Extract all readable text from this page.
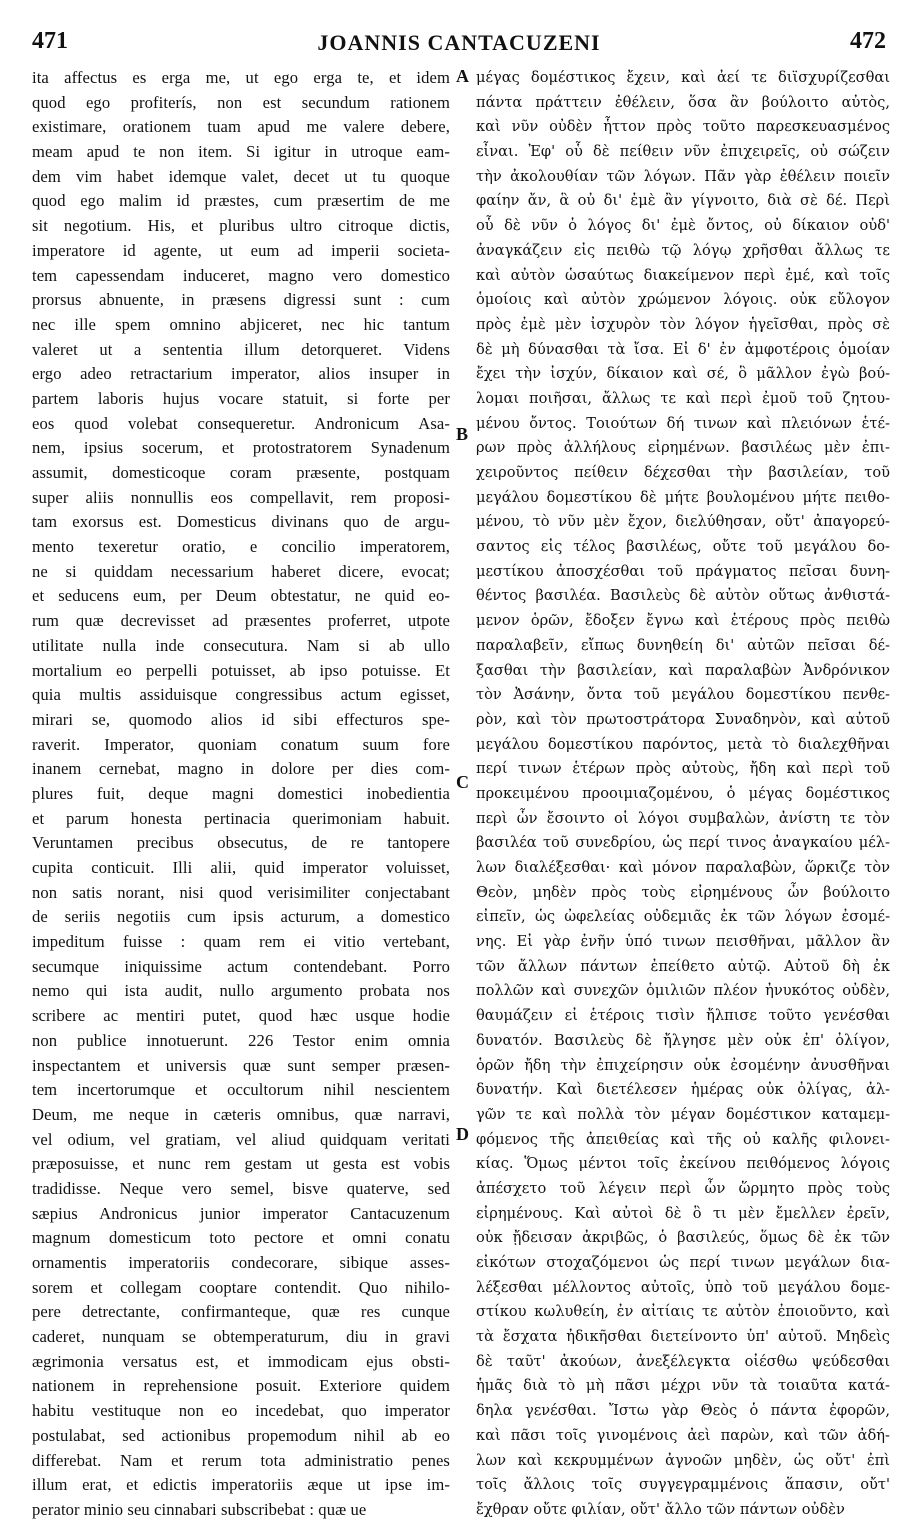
471	JOANNIS CANTACUZENI	472
ita affectus es erga me, ut ego erga te, et idem
quod ego profiterís, non est secundum rationem
existimare, orationem tuam apud me valere debere,
meam apud te non item. Si igitur in utroque eam-
dem vim habet idemque valet, decet ut tu quoque
quod ego malim id præstes, cum præsertim de me
sit negotium. His, et pluribus ultro citroque dictis,
imperatore id agente, ut eum ad imperii societa-
tem capessendam induceret, magno vero domestico
prorsus abnuente, in præsens digressi sunt : cum
nec ille spem omnino abjiceret, nec hic tantum
valeret ut a sententia illum detorqueret. Videns
ergo adeo retractarium imperator, alios insuper in
partem laboris hujus vocare statuit, si forte per
eos quod volebat consequeretur. Andronicum Asa-
nem, ipsius socerum, et protostratorem Synadenum
assumit, domesticoque coram præsente, postquam
super aliis nonnullis eos compellavit, rem proposi-
tam exorsus est. Domesticus divinans quo de argu-
mento texeretur oratio, e concilio imperatorem,
ne si quiddam necessarium haberet dicere, evocat;
et seducens eum, per Deum obtestatur, ne quid eo-
rum quæ decrevisset ad præsentes proferret, utpote
utilitate nulla inde consecutura. Nam si ab ullo
mortalium eo perpelli potuisset, ab ipso potuisse. Et
quia multis assiduisque congressibus actum egisset,
mirari se, quomodo alios id sibi effecturos spe-
raverit. Imperator, quoniam conatum suum fore
inanem cernebat, magno in dolore per dies com-
plures fuit, deque magni domestici inobedientia
et parum honesta pertinacia querimoniam habuit.
Veruntamen precibus obsecutus, de re tantopere
cupita conticuit. Illi alii, quid imperator voluisset,
non satis norant, nisi quod verisimiliter conjectabant
de seriis negotiis cum ipsis acturum, a domestico
impeditum fuisse : quam rem ei vitio vertebant,
secumque iniquissime actum contendebant. Porro
nemo qui ista audit, nullo argumento probata nos
scribere ac mentiri putet, quod hæc usque hodie
non publice innotuerunt. 226 Testor enim omnia
inspectantem et universis quæ sunt semper præsen-
tem incertorumque et occultorum nihil nescientem
Deum, me neque in cæteris omnibus, quæ narravi,
vel odium, vel gratiam, vel aliud quidquam veritati
præposuisse, et nunc rem gestam ut gesta est vobis
tradidisse. Neque vero semel, bisve quaterve, sed
sæpius Andronicus junior imperator Cantacuzenum
magnum domesticum toto pectore et omni conatu
ornamentis imperatoriis condecorare, sibique asses-
sorem et collegam cooptare contendit. Quo nihilo-
pere detrectante, confirmanteque, quæ res cunque
caderet, nunquam se obtemperaturum, diu in gravi
ægrimonia versatus est, et immodicam ejus obsti-
nationem in reprehensione posuit. Exteriore quidem
habitu vestituque non eo incedebat, quo imperator
postulabat, sed actionibus propemodum nihil ab eo
differebat. Nam et rerum tota administratio penes
illum erat, et edictis imperatoriis æque ut ipse im-
perator minio seu cinnabari subscribebat : quæ ue
A
B
C
D
μέγας δομέστικος ἔχειν, καὶ ἀεί τε διϊσχυρίζεσθαι
πάντα πράττειν ἐθέλειν, ὅσα ἂν βούλοιτο αὐτὸς,
καὶ νῦν οὐδὲν ἧττον πρὸς τοῦτο παρεσκευασμένος
εἶναι. Ἐφ' οὗ δὲ πείθειν νῦν ἐπιχειρεῖς, οὐ σώζειν
τὴν ἀκολουθίαν τῶν λόγων. Πᾶν γὰρ ἐθέλειν ποιεῖν
φαίην ἄν, ἃ οὐ δι' ἐμὲ ἂν γίγνοιτο, διὰ σὲ δέ. Περὶ
οὗ δὲ νῦν ὁ λόγος δι' ἐμὲ ὄντος, οὐ δίκαιον οὐδ'
ἀναγκάζειν εἰς πειθὼ τῷ λόγῳ χρῆσθαι ἄλλως τε
καὶ αὐτὸν ὡσαύτως διακείμενον περὶ ἐμέ, καὶ τοῖς
ὁμοίοις καὶ αὐτὸν χρώμενον λόγοις. οὐκ εὔλογον
πρὸς ἐμὲ μὲν ἰσχυρὸν τὸν λόγον ἡγεῖσθαι, πρὸς σὲ
δὲ μὴ δύνασθαι τὰ ἴσα. Εἰ δ' ἐν ἀμφοτέροις ὁμοίαν
ἔχει τὴν ἰσχύν, δίκαιον καὶ σέ, ὃ μᾶλλον ἐγὼ βού-
λομαι ποιῆσαι, ἄλλως τε καὶ περὶ ἐμοῦ τοῦ ζητου-
μένου ὄντος. Τοιούτων δή τινων καὶ πλειόνων ἑτέ-
ρων πρὸς ἀλλήλους εἰρημένων. βασιλέως μὲν ἐπι-
χειροῦντος πείθειν δέχεσθαι τὴν βασιλείαν, τοῦ
μεγάλου δομεστίκου δὲ μήτε βουλομένου μήτε πειθο-
μένου, τὸ νῦν μὲν ἔχον, διελύθησαν, οὔτ' ἀπαγορεύ-
σαντος εἰς τέλος βασιλέως, οὔτε τοῦ μεγάλου δο-
μεστίκου ἀποσχέσθαι τοῦ πράγματος πεῖσαι δυνη-
θέντος βασιλέα. Βασιλεὺς δὲ αὐτὸν οὕτως ἀνθιστά-
μενον ὁρῶν, ἔδοξεν ἔγνω καὶ ἑτέρους πρὸς πειθὼ
παραλαβεῖν, εἴπως δυνηθείη δι' αὐτῶν πεῖσαι δέ-
ξασθαι τὴν βασιλείαν, καὶ παραλαβὼν Ἀνδρόνικον
τὸν Ἀσάνην, ὄντα τοῦ μεγάλου δομεστίκου πενθε-
ρὸν, καὶ τὸν πρωτοστράτορα Συναδηνὸν, καὶ αὐτοῦ
μεγάλου δομεστίκου παρόντος, μετὰ τὸ διαλεχθῆναι
περί τινων ἑτέρων πρὸς αὐτοὺς, ἤδη καὶ περὶ τοῦ
προκειμένου προοιμιαζομένου, ὁ μέγας δομέστικος
περὶ ὧν ἔσοιντο οἱ λόγοι συμβαλὼν, ἀνίστη τε τὸν
βασιλέα τοῦ συνεδρίου, ὡς περί τινος ἀναγκαίου μέλ-
λων διαλέξεσθαι· καὶ μόνον παραλαβὼν, ὥρκιζε τὸν
Θεὸν, μηδὲν πρὸς τοὺς εἰρημένους ὧν βούλοιτο
εἰπεῖν, ὡς ὠφελείας οὐδεμιᾶς ἐκ τῶν λόγων ἐσομέ-
νης. Εἰ γὰρ ἐνῆν ὑπό τινων πεισθῆναι, μᾶλλον ἂν
τῶν ἄλλων πάντων ἐπείθετο αὐτῷ. Αὐτοῦ δὴ ἐκ
πολλῶν καὶ συνεχῶν ὁμιλιῶν πλέον ἠνυκότος οὐδὲν,
θαυμάζειν εἰ ἑτέροις τισὶν ἤλπισε τοῦτο γενέσθαι
δυνατόν. Βασιλεὺς δὲ ἤλγησε μὲν οὐκ ἐπ' ὀλίγον,
ὁρῶν ἤδη τὴν ἐπιχείρησιν οὐκ ἐσομένην ἀνυσθῆναι
δυνατήν. Καὶ διετέλεσεν ἡμέρας οὐκ ὀλίγας, ἀλ-
γῶν τε καὶ πολλὰ τὸν μέγαν δομέστικον καταμεμ-
φόμενος τῆς ἀπειθείας καὶ τῆς οὐ καλῆς φιλονει-
κίας. Ὅμως μέντοι τοῖς ἐκείνου πειθόμενος λόγοις
ἀπέσχετο τοῦ λέγειν περὶ ὧν ὥρμητο πρὸς τοὺς
εἰρημένους. Καὶ αὐτοὶ δὲ ὃ τι μὲν ἔμελλεν ἐρεῖν,
οὐκ ᾔδεισαν ἀκριβῶς, ὁ βασιλεύς, ὅμως δὲ ἐκ τῶν
εἰκότων στοχαζόμενοι ὡς περί τινων μεγάλων δια-
λέξεσθαι μέλλοντος αὐτοῖς, ὑπὸ τοῦ μεγάλου δομε-
στίκου κωλυθείη, ἐν αἰτίαις τε αὐτὸν ἐποιοῦντο, καὶ
τὰ ἔσχατα ἠδικῆσθαι διετείνοντο ὑπ' αὐτοῦ. Μηδεὶς
δὲ ταῦτ' ἀκούων, ἀνεξέλεγκτα οἰέσθω ψεύδεσθαι
ἡμᾶς διὰ τὸ μὴ πᾶσι μέχρι νῦν τὰ τοιαῦτα κατά-
δηλα γενέσθαι. Ἴστω γὰρ Θεὸς ὁ πάντα ἐφορῶν,
καὶ πᾶσι τοῖς γινομένοις ἀεὶ παρὼν, καὶ τῶν ἀδή-
λων καὶ κεκρυμμένων ἀγνοῶν μηδὲν, ὡς οὔτ' ἐπὶ
τοῖς ἄλλοις τοῖς συγγεγραμμένοις ἅπασιν, οὔτ'
ἔχθραν οὔτε φιλίαν, οὔτ' ἄλλο τῶν πάντων οὐδὲν
